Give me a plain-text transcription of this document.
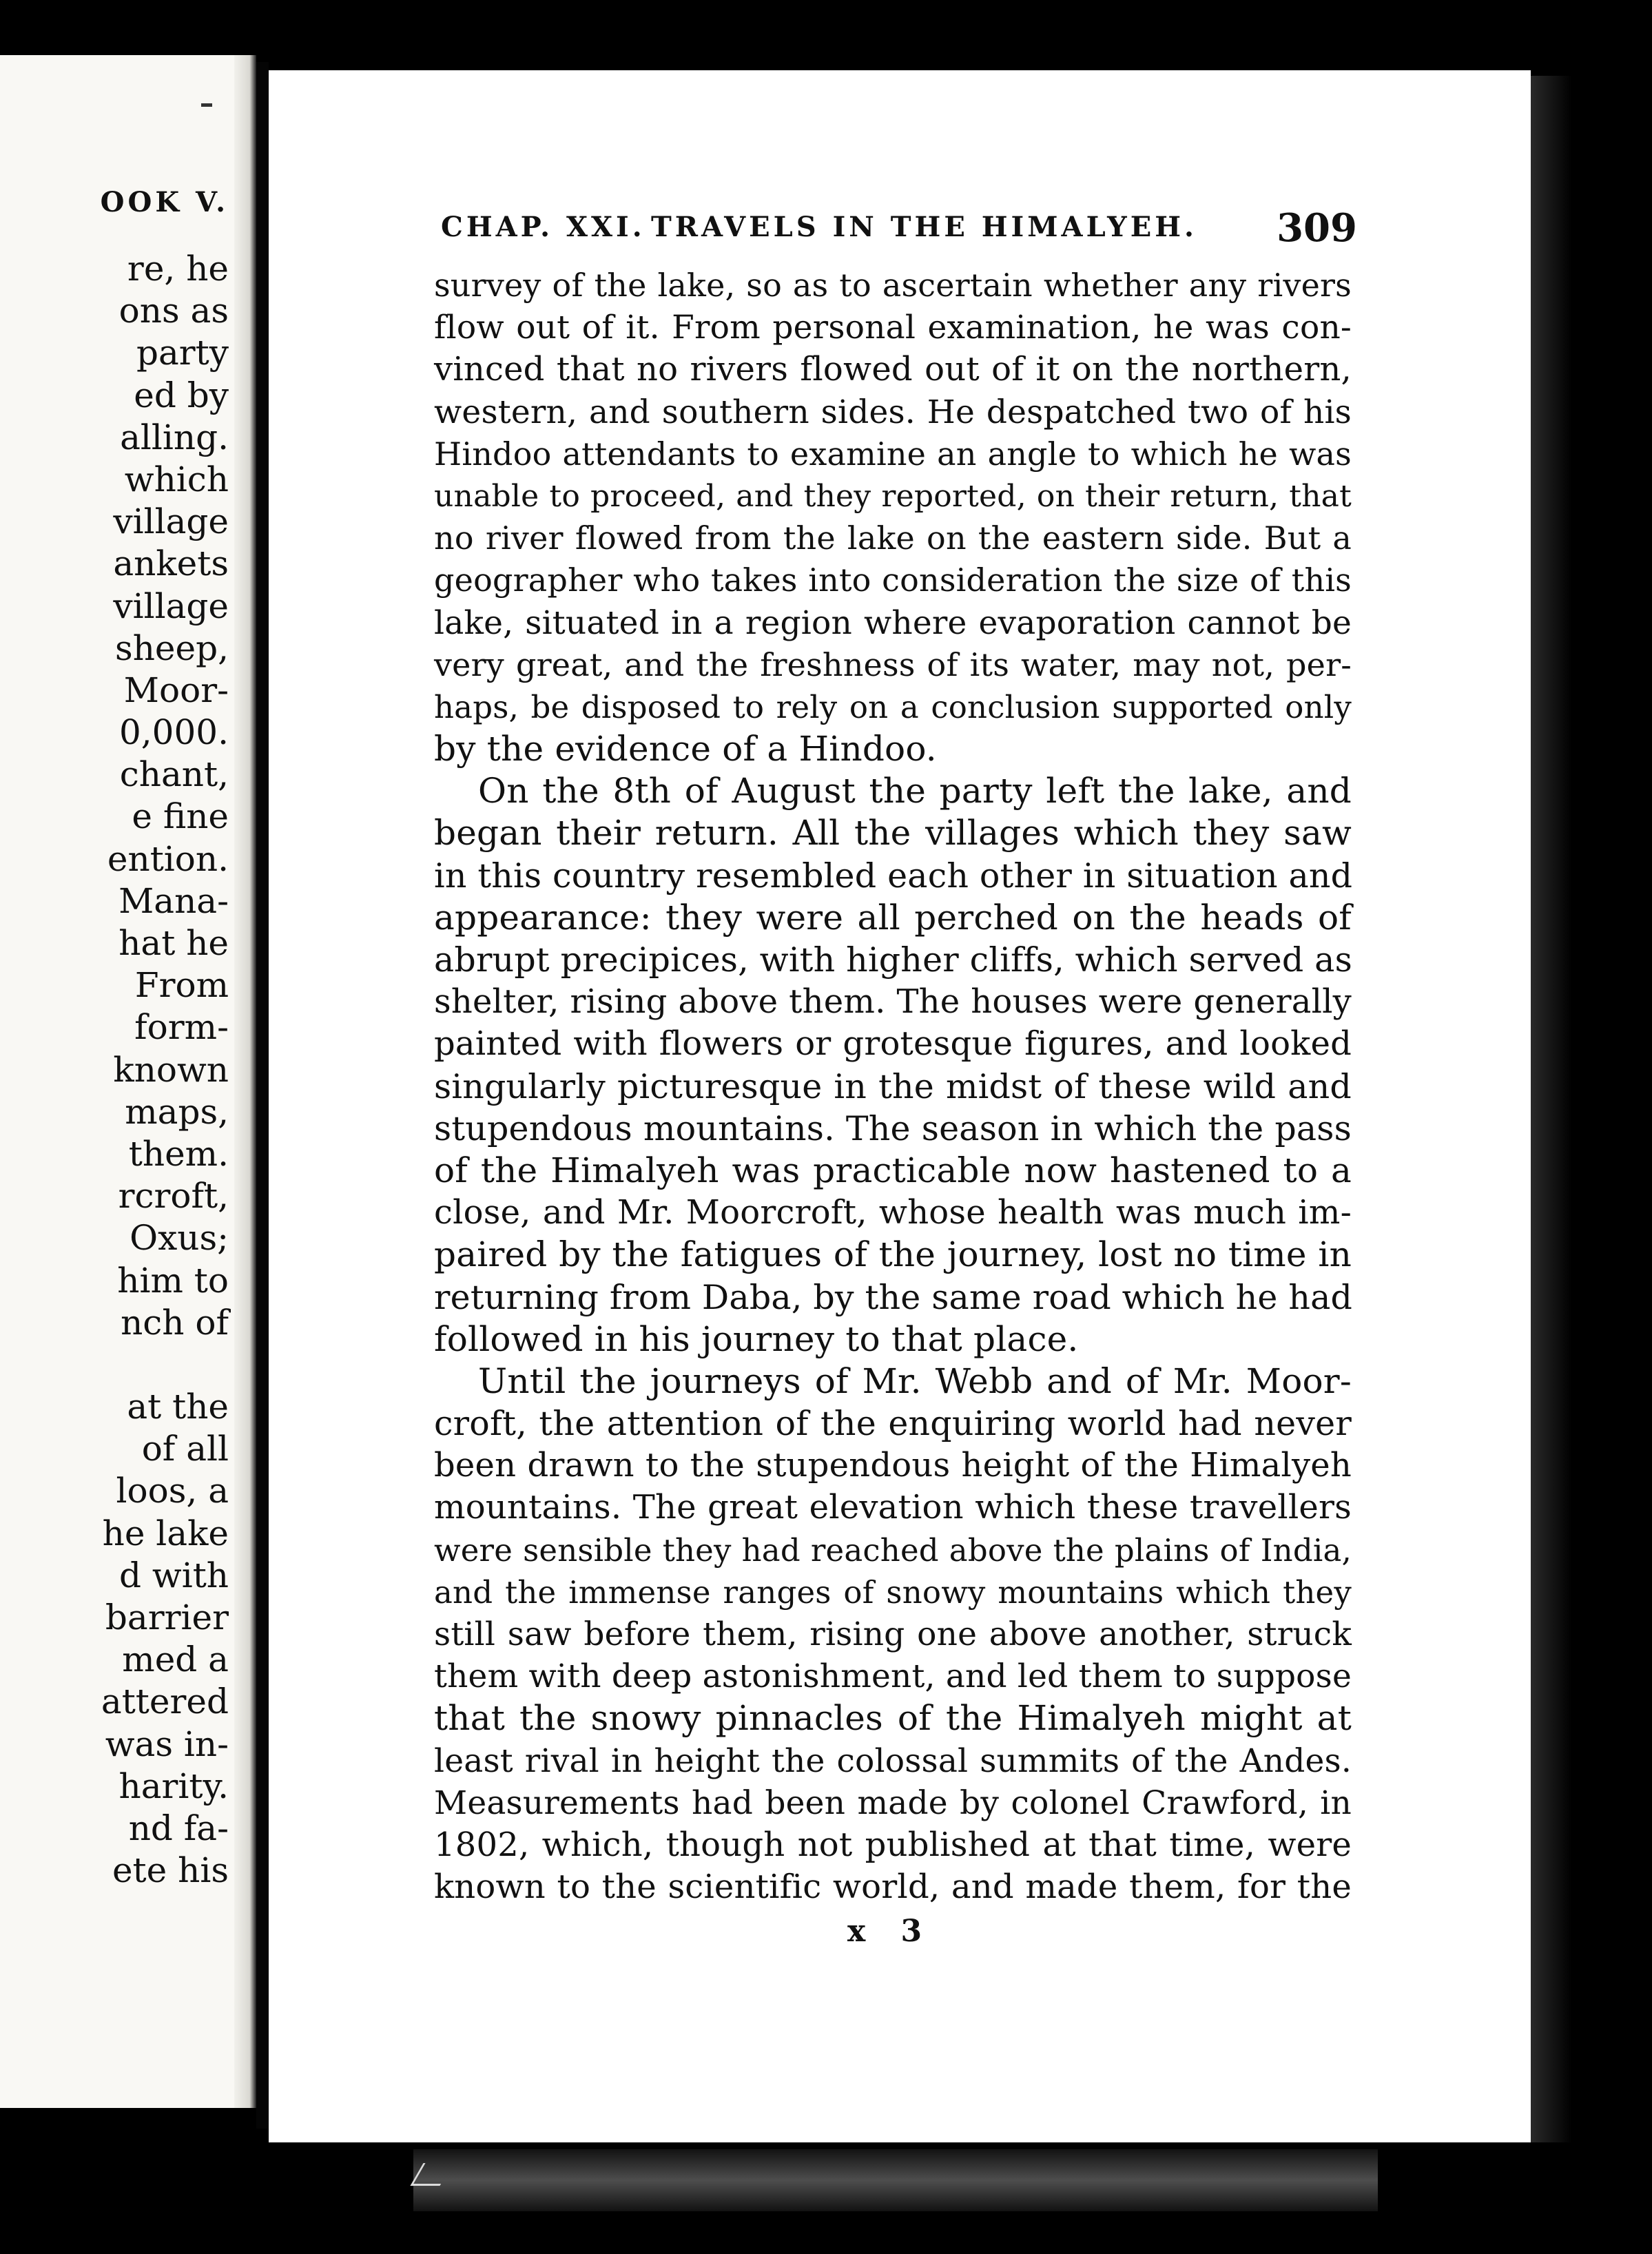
OOK V.
re, he
ons as
party
ed by
alling.
which
village
ankets
village
sheep,
Moor-
0,000.
chant,
e fine
ention.
Mana-
hat he
From
form-
known
maps,
them.
rcroft,
Oxus;
him to
nch of
at the
of all
loos, a
he lake
d with
barrier
med a
attered
was in-
harity.
nd fa-
ete his
CHAP. XXI. TRAVELS IN THE HIMALYEH. 309
survey of the lake, so as to ascertain whether any rivers
flow out of it. From personal examination, he was con-
vinced that no rivers flowed out of it on the northern,
western, and southern sides. He despatched two of his
Hindoo attendants to examine an angle to which he was
unable to proceed, and they reported, on their return, that
no river flowed from the lake on the eastern side. But a
geographer who takes into consideration the size of this
lake, situated in a region where evaporation cannot be
very great, and the freshness of its water, may not, per-
haps, be disposed to rely on a conclusion supported only
by the evidence of a Hindoo.
On the 8th of August the party left the lake, and
began their return. All the villages which they saw
in this country resembled each other in situation and
appearance: they were all perched on the heads of
abrupt precipices, with higher cliffs, which served as
shelter, rising above them. The houses were generally
painted with flowers or grotesque figures, and looked
singularly picturesque in the midst of these wild and
stupendous mountains. The season in which the pass
of the Himalyeh was practicable now hastened to a
close, and Mr. Moorcroft, whose health was much im-
paired by the fatigues of the journey, lost no time in
returning from Daba, by the same road which he had
followed in his journey to that place.
Until the journeys of Mr. Webb and of Mr. Moor-
croft, the attention of the enquiring world had never
been drawn to the stupendous height of the Himalyeh
mountains. The great elevation which these travellers
were sensible they had reached above the plains of India,
and the immense ranges of snowy mountains which they
still saw before them, rising one above another, struck
them with deep astonishment, and led them to suppose
that the snowy pinnacles of the Himalyeh might at
least rival in height the colossal summits of the Andes.
Measurements had been made by colonel Crawford, in
1802, which, though not published at that time, were
known to the scientific world, and made them, for the
x 3
